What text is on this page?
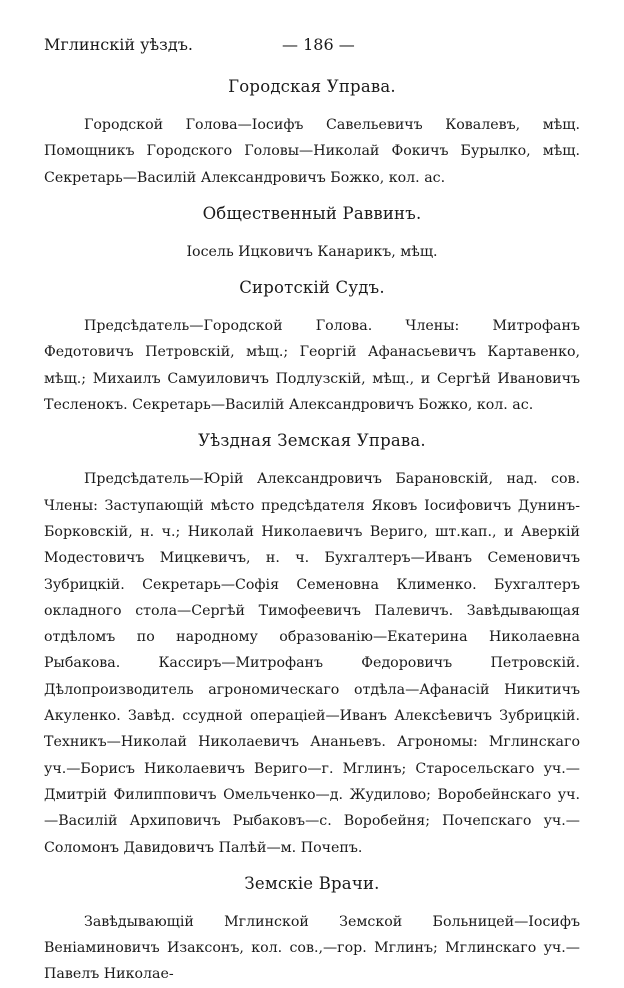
Мглинскій уѣздъ.	— 186 —
Городская Управа.

Городской Голова—Іосифъ Савельевичъ Ковалевъ, мѣщ. Помощникъ Городского Головы—Николай Фокичъ Бурылко, мѣщ. Секретарь—Василій Александровичъ Божко, кол. ас.

Общественный Раввинъ.

Іосель Ицковичъ Канарикъ, мѣщ.

Сиротскій Судъ.

Предсѣдатель—Городской Голова. Члены: Митрофанъ Федотовичъ Петровскій, мѣщ.; Георгій Афанасьевичъ Картавенко, мѣщ.; Михаилъ Самуиловичъ Подлузскій, мѣщ., и Сергѣй Ивановичъ Тесленокъ. Секретарь—Василій Александровичъ Божко, кол. ас.

Уѣздная Земская Управа.

Предсѣдатель—Юрій Александровичъ Барановскій, над. сов. Члены: Заступающій мѣсто предсѣдателя Яковъ Іосифовичъ Дунинъ-Борковскій, н. ч.; Николай Николаевичъ Вериго, шт.кап., и Аверкій Модестовичъ Мицкевичъ, н. ч. Бухгалтеръ—Иванъ Семеновичъ Зубрицкій. Секретарь—Софія Семеновна Клименко. Бухгалтеръ окладного стола—Сергѣй Тимофеевичъ Палевичъ. Завѣдывающая отдѣломъ по народному образованію—Екатерина Николаевна Рыбакова. Кассиръ—Митрофанъ Федоровичъ Петровскій. Дѣлопроизводитель агрономическаго отдѣла—Афанасій Никитичъ Акуленко. Завѣд. ссудной операціей—Иванъ Алексѣевичъ Зубрицкій. Техникъ—Николай Николаевичъ Ананьевъ. Агрономы: Мглинскаго уч.—Борисъ Николаевичъ Вериго—г. Мглинъ; Старосельскаго уч.—Дмитрій Филипповичъ Омельченко—д. Жудилово; Воробейнскаго уч.—Василій Архиповичъ Рыбаковъ—с. Воробейня; Почепскаго уч.—Соломонъ Давидовичъ Палѣй—м. Почепъ.

Земскіе Врачи.

Завѣдывающій Мглинской Земской Больницей—Іосифъ Веніаминовичъ Изаксонъ, кол. сов.,—гор. Мглинъ; Мглинскаго уч.—Павелъ Николае-
